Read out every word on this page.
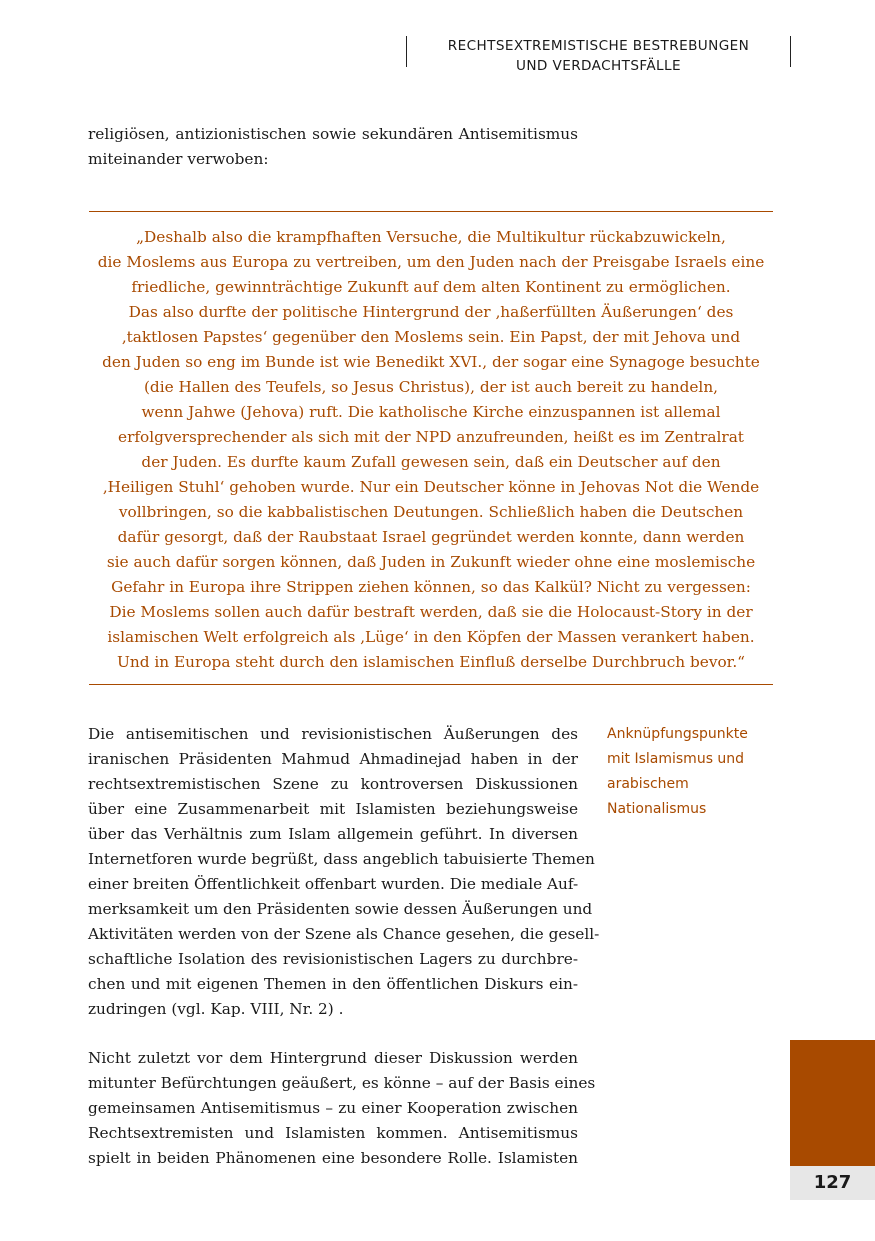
RECHTSEXTREMISTISCHE BESTREBUNGEN
UND VERDACHTSFÄLLE
religiösen, antizionistischen sowie sekundären Antisemitismus
miteinander verwoben:
„Deshalb also die krampfhaften Versuche, die Multikultur rückabzuwickeln,
die Moslems aus Europa zu vertreiben, um den Juden nach der Preisgabe Israels eine
friedliche, gewinnträchtige Zukunft auf dem alten Kontinent zu ermöglichen.
Das also durfte der politische Hintergrund der ‚haßerfüllten Äußerungen‘ des
‚taktlosen Papstes‘ gegenüber den Moslems sein. Ein Papst, der mit Jehova und
den Juden so eng im Bunde ist wie Benedikt XVI., der sogar eine Synagoge besuchte
(die Hallen des Teufels, so Jesus Christus), der ist auch bereit zu handeln,
wenn Jahwe (Jehova) ruft. Die katholische Kirche einzuspannen ist allemal
erfolgversprechender als sich mit der NPD anzufreunden, heißt es im Zentralrat
der Juden. Es durfte kaum Zufall gewesen sein, daß ein Deutscher auf den
‚Heiligen Stuhl‘ gehoben wurde. Nur ein Deutscher könne in Jehovas Not die Wende
vollbringen, so die kabbalistischen Deutungen. Schließlich haben die Deutschen
dafür gesorgt, daß der Raubstaat Israel gegründet werden konnte, dann werden
sie auch dafür sorgen können, daß Juden in Zukunft wieder ohne eine moslemische
Gefahr in Europa ihre Strippen ziehen können, so das Kalkül? Nicht zu vergessen:
Die Moslems sollen auch dafür bestraft werden, daß sie die Holocaust-Story in der
islamischen Welt erfolgreich als ‚Lüge‘ in den Köpfen der Massen verankert haben.
Und in Europa steht durch den islamischen Einfluß derselbe Durchbruch bevor.“
Die antisemitischen und revisionistischen Äußerungen des
iranischen Präsidenten Mahmud Ahmadinejad haben in der
rechtsextremistischen Szene zu kontroversen Diskussionen
über eine Zusammenarbeit mit Islamisten beziehungsweise
über das Verhältnis zum Islam allgemein geführt. In diversen
Internetforen wurde begrüßt, dass angeblich tabuisierte Themen
einer breiten Öffentlichkeit offenbart wurden. Die mediale Auf-
merksamkeit um den Präsidenten sowie dessen Äußerungen und
Aktivitäten werden von der Szene als Chance gesehen, die gesell-
schaftliche Isolation des revisionistischen Lagers zu durchbre-
chen und mit eigenen Themen in den öffentlichen Diskurs ein-
zudringen (vgl. Kap. VIII, Nr. 2) .
Anknüpfungspunkte
mit Islamismus und
arabischem
Nationalismus
Nicht zuletzt vor dem Hintergrund dieser Diskussion werden
mitunter Befürchtungen geäußert, es könne – auf der Basis eines
gemeinsamen Antisemitismus – zu einer Kooperation zwischen
Rechtsextremisten und Islamisten kommen. Antisemitismus
spielt in beiden Phänomenen eine besondere Rolle. Islamisten
127
